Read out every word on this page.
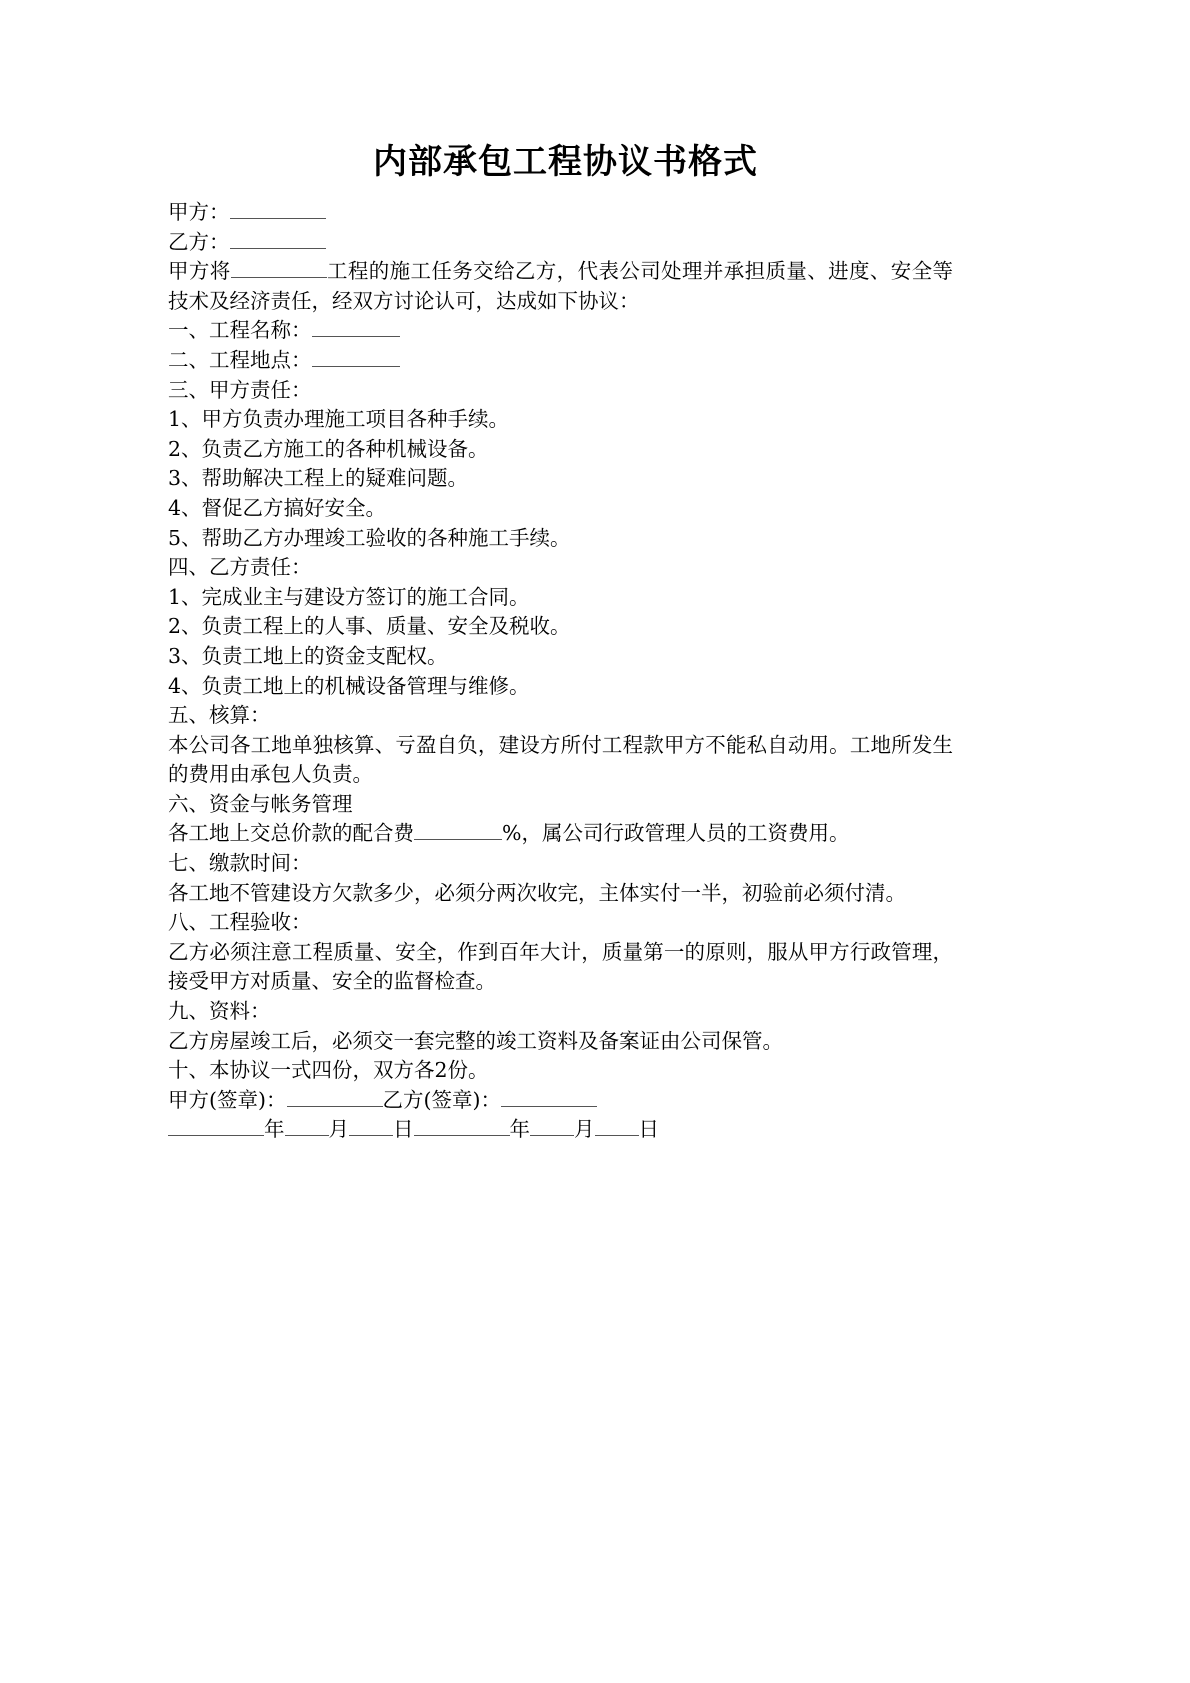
内部承包工程协议书格式

甲方：

乙方：

甲方将	工程的施工任务交给乙方，代表公司处理并承担质量、进度、安全等技术及经济责任，经双方讨论认可，达成如下协议：

一、工程名称：

二、工程地点：

三、甲方责任：

1、甲方负责办理施工项目各种手续。

2、负责乙方施工的各种机械设备。

3、帮助解决工程上的疑难问题。

4、督促乙方搞好安全。

5、帮助乙方办理竣工验收的各种施工手续。

四、乙方责任：

1、完成业主与建设方签订的施工合同。

2、负责工程上的人事、质量、安全及税收。

3、负责工地上的资金支配权。

4、负责工地上的机械设备管理与维修。

五、核算：

本公司各工地单独核算、亏盈自负，建设方所付工程款甲方不能私自动用。工地所发生的费用由承包人负责。

六、资金与帐务管理

各工地上交总价款的配合费	%，属公司行政管理人员的工资费用。

七、缴款时间：

各工地不管建设方欠款多少，必须分两次收完，主体实付一半，初验前必须付清。

八、工程验收：

乙方必须注意工程质量、安全，作到百年大计，质量第一的原则，服从甲方行政管理，接受甲方对质量、安全的监督检查。

九、资料：

乙方房屋竣工后，必须交一套完整的竣工资料及备案证由公司保管。

十、本协议一式四份，双方各2份。

甲方(签章)：	乙方(签章)：

年 月 日	年 月 日
